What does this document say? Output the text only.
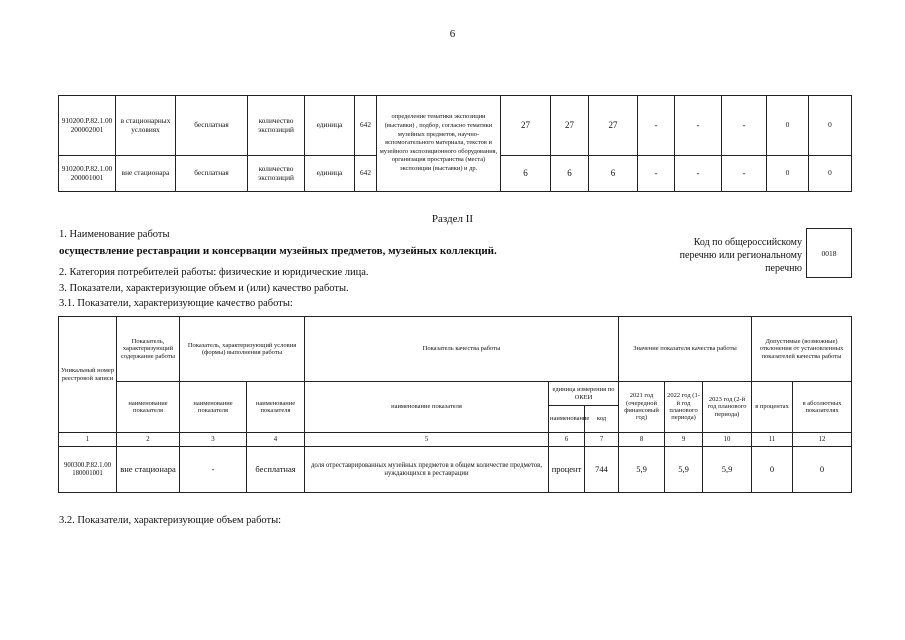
6
910200.Р.82.1.00 200002001	в стационарных условиях	бесплатная	количество экспозиций	единица	642	определение тематики экспозиции (выставки) , подбор, согласно тематики музейных предметов, научно-вспомогательного материала, текстов и музейного экспозиционного оборудования, организация пространства (места) экспозиции (выставки) и др.	27	27	27	-	-	-	0	0
910200.Р.82.1.00 200001001	вне стационара	бесплатная	количество экспозиций	единица	642		6	6	6	-	-	-	0	0
Раздел II
1. Наименование работы
осуществление реставрации и консервации музейных предметов, музейных коллекций.
Код по общероссийскому перечню или региональному перечню
0018
2. Категория потребителей работы: физические и юридические лица.
3. Показатели, характеризующие объем и (или) качество работы.
3.1. Показатели, характеризующие качество работы:
Уникальный номер реестровой записи	Показатель, характеризующий содержание работы	Показатель, характеризующий условия (формы) выполнения работы		Показатель качества работы			Значение показателя качества работы			Допустимые (возможные) отклонения от установленных показателей качества работы	
	наименование показателя	наименование показателя	наименование показателя	наименование показателя	единица измерения по ОКЕИ		2021 год (очередной финансовый год)	2022 год (1-й год планового периода)	2023 год (2-й год планового периода)	в процентах	в абсолютных показателях
					наименование	код					
1	2	3	4	5	6	7	8	9	10	11	12
900300.Р.82.1.00 180001001	вне стационара	-	бесплатная	доля отреставрированных музейных предметов в общем количестве предметов, нуждающихся в реставрации	процент	744	5,9	5,9	5,9	0	0
3.2. Показатели, характеризующие объем работы:
